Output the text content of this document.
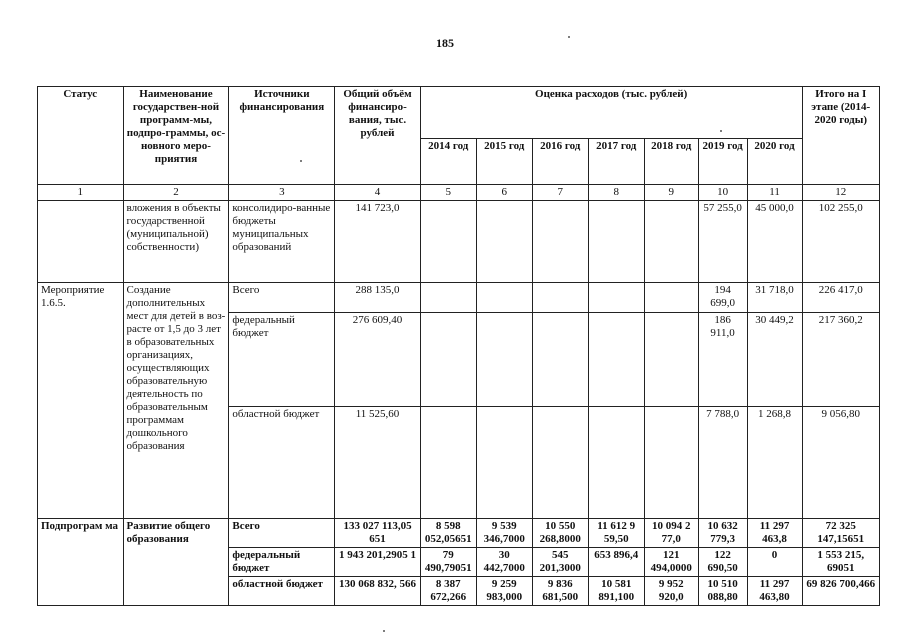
185
Статус	Наименование государствен-ной программ-мы, подпро-граммы, ос-новного меро-приятия	Источники финансирования	Общий объём финансиро-вания, тыс. рублей	Оценка расходов (тыс. рублей)							Итого на I этапе (2014-2020 годы)
				2014 год	2015 год	2016 год	2017 год	2018 год	2019 год	2020 год	
1	2	3	4	5	6	7	8	9	10	11	12
	вложения в объекты государственной (муниципальной) собственности)	консолидиро-ванные бюджеты муниципальных образований	141 723,0						57 255,0	45 000,0	102 255,0
Мероприятие 1.6.5.	Создание дополнительных мест для детей в воз-расте от 1,5 до 3 лет в образовательных организациях, осуществляющих образовательную деятельность по образовательным программам дошкольного образования	Всего	288 135,0						194 699,0	31 718,0	226 417,0
		федеральный бюджет	276 609,40						186 911,0	30 449,2	217 360,2
		областной бюджет	11 525,60						7 788,0	1 268,8	9 056,80
Подпрограм ма	Развитие общего образования	Всего	133 027 113,05 651	8 598 052,05651	9 539 346,7000	10 550 268,8000	11 612 9 59,50	10 094 2 77,0	10 632 779,3	11 297 463,8	72 325 147,15651
		федеральный бюджет	1 943 201,2905 1	79 490,79051	30 442,7000	545 201,3000	653 896,4	121 494,0000	122 690,50	0	1 553 215, 69051
		областной бюджет	130 068 832, 566	8 387 672,266	9 259 983,000	9 836 681,500	10 581 891,100	9 952 920,0	10 510 088,80	11 297 463,80	69 826 700,466
